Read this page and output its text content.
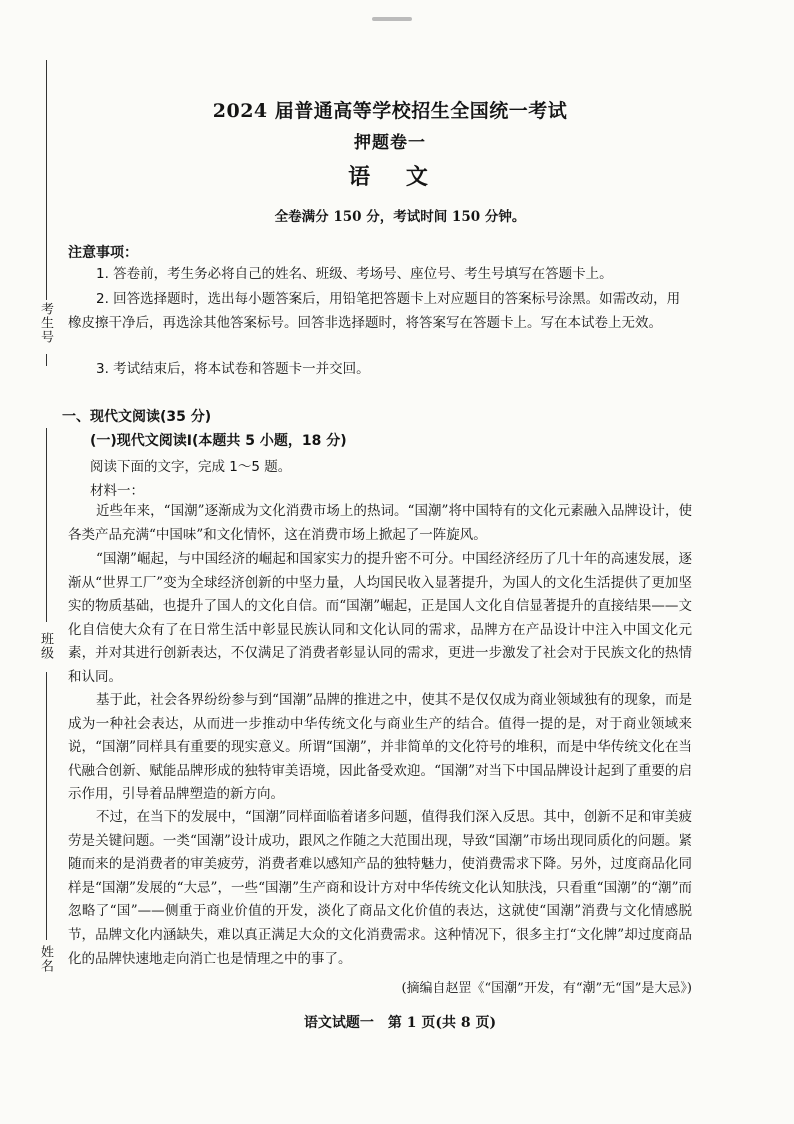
考生号
班级
姓名
2024 届普通高等学校招生全国统一考试
押题卷一
语 文
全卷满分 150 分，考试时间 150 分钟。
注意事项：

1. 答卷前，考生务必将自己的姓名、班级、考场号、座位号、考生号填写在答题卡上。

2. 回答选择题时，选出每小题答案后，用铅笔把答题卡上对应题目的答案标号涂黑。如需改动，用橡皮擦干净后，再选涂其他答案标号。回答非选择题时，将答案写在答题卡上。写在本试卷上无效。

3. 考试结束后，将本试卷和答题卡一并交回。

一、现代文阅读(35 分)
(一)现代文阅读Ⅰ(本题共 5 小题，18 分)
阅读下面的文字，完成 1～5 题。
材料一：

近些年来，“国潮”逐渐成为文化消费市场上的热词。“国潮”将中国特有的文化元素融入品牌设计，使各类产品充满“中国味”和文化情怀，这在消费市场上掀起了一阵旋风。

“国潮”崛起，与中国经济的崛起和国家实力的提升密不可分。中国经济经历了几十年的高速发展，逐渐从“世界工厂”变为全球经济创新的中坚力量，人均国民收入显著提升，为国人的文化生活提供了更加坚实的物质基础，也提升了国人的文化自信。而“国潮”崛起，正是国人文化自信显著提升的直接结果——文化自信使大众有了在日常生活中彰显民族认同和文化认同的需求，品牌方在产品设计中注入中国文化元素，并对其进行创新表达，不仅满足了消费者彰显认同的需求，更进一步激发了社会对于民族文化的热情和认同。

基于此，社会各界纷纷参与到“国潮”品牌的推进之中，使其不是仅仅成为商业领域独有的现象，而是成为一种社会表达，从而进一步推动中华传统文化与商业生产的结合。值得一提的是，对于商业领域来说，“国潮”同样具有重要的现实意义。所谓“国潮”，并非简单的文化符号的堆积，而是中华传统文化在当代融合创新、赋能品牌形成的独特审美语境，因此备受欢迎。“国潮”对当下中国品牌设计起到了重要的启示作用，引导着品牌塑造的新方向。

不过，在当下的发展中，“国潮”同样面临着诸多问题，值得我们深入反思。其中，创新不足和审美疲劳是关键问题。一类“国潮”设计成功，跟风之作随之大范围出现，导致“国潮”市场出现同质化的问题。紧随而来的是消费者的审美疲劳，消费者难以感知产品的独特魅力，使消费需求下降。另外，过度商品化同样是“国潮”发展的“大忌”，一些“国潮”生产商和设计方对中华传统文化认知肤浅，只看重“国潮”的“潮”而忽略了“国”——侧重于商业价值的开发，淡化了商品文化价值的表达，这就使“国潮”消费与文化情感脱节，品牌文化内涵缺失，难以真正满足大众的文化消费需求。这种情况下，很多主打“文化牌”却过度商品化的品牌快速地走向消亡也是情理之中的事了。

(摘编自赵罡《“国潮”开发，有“潮”无“国”是大忌》)
语文试题一　第 1 页(共 8 页)
